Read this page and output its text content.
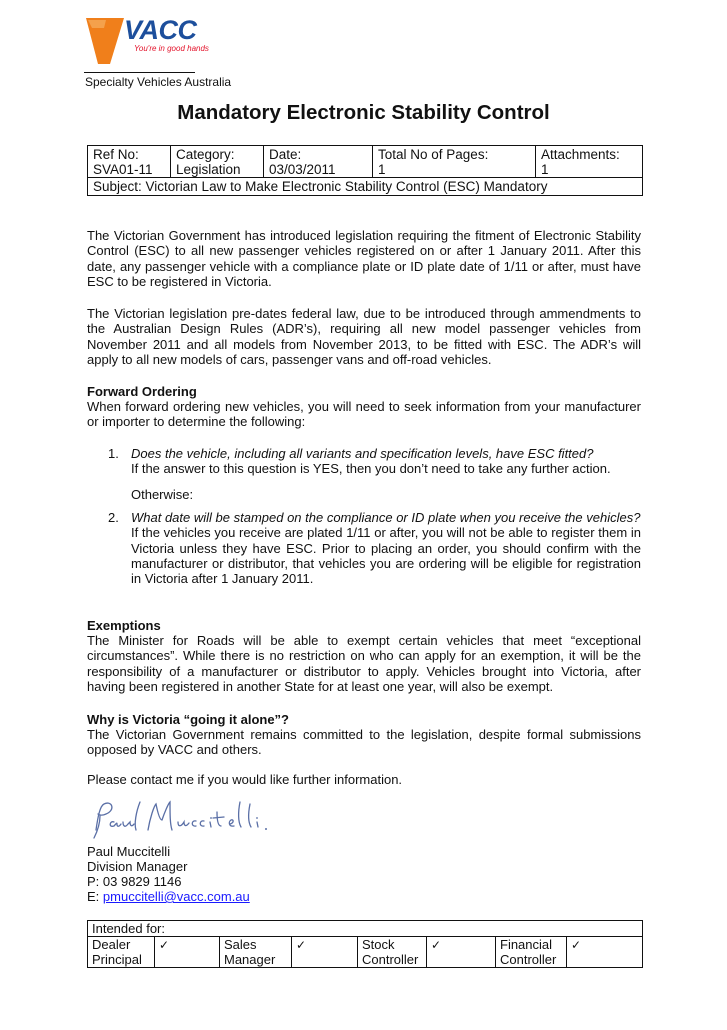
VACC
You're in good hands
Specialty Vehicles Australia
Mandatory Electronic Stability Control
Ref No:
SVA01-11

Category:
Legislation

Date:
03/03/2011

Total No of Pages:
1

Attachments:
1

Subject: Victorian Law to Make Electronic Stability Control (ESC) Mandatory
The Victorian Government has introduced legislation requiring the fitment of Electronic Stability Control (ESC) to all new passenger vehicles registered on or after 1 January 2011. After this date, any passenger vehicle with a compliance plate or ID plate date of 1/11 or after, must have ESC to be registered in Victoria.
The Victorian legislation pre-dates federal law, due to be introduced through ammendments to the Australian Design Rules (ADR’s), requiring all new model passenger vehicles from November 2011 and all models from November 2013, to be fitted with ESC. The ADR’s will apply to all new models of cars, passenger vans and off-road vehicles.
Forward Ordering
When forward ordering new vehicles, you will need to seek information from your manufacturer or importer to determine the following:
1. Does the vehicle, including all variants and specification levels, have ESC fitted?
If the answer to this question is YES, then you don’t need to take any further action.
Otherwise:
2. What date will be stamped on the compliance or ID plate when you receive the vehicles?
If the vehicles you receive are plated 1/11 or after, you will not be able to register them in Victoria unless they have ESC. Prior to placing an order, you should confirm with the manufacturer or distributor, that vehicles you are ordering will be eligible for registration in Victoria after 1 January 2011.
Exemptions
The Minister for Roads will be able to exempt certain vehicles that meet “exceptional circumstances”. While there is no restriction on who can apply for an exemption, it will be the responsibility of a manufacturer or distributor to apply. Vehicles brought into Victoria, after having been registered in another State for at least one year, will also be exempt.
Why is Victoria “going it alone”?
The Victorian Government remains committed to the legislation, despite formal submissions opposed by VACC and others.
Please contact me if you would like further information.
Paul Muccitelli
Division Manager
P: 03 9829 1146
E: pmuccitelli@vacc.com.au
Intended for:

Dealer
Principal
	✓	Sales
Manager
	✓	Stock
Controller
	✓	Financial
Controller
	✓
